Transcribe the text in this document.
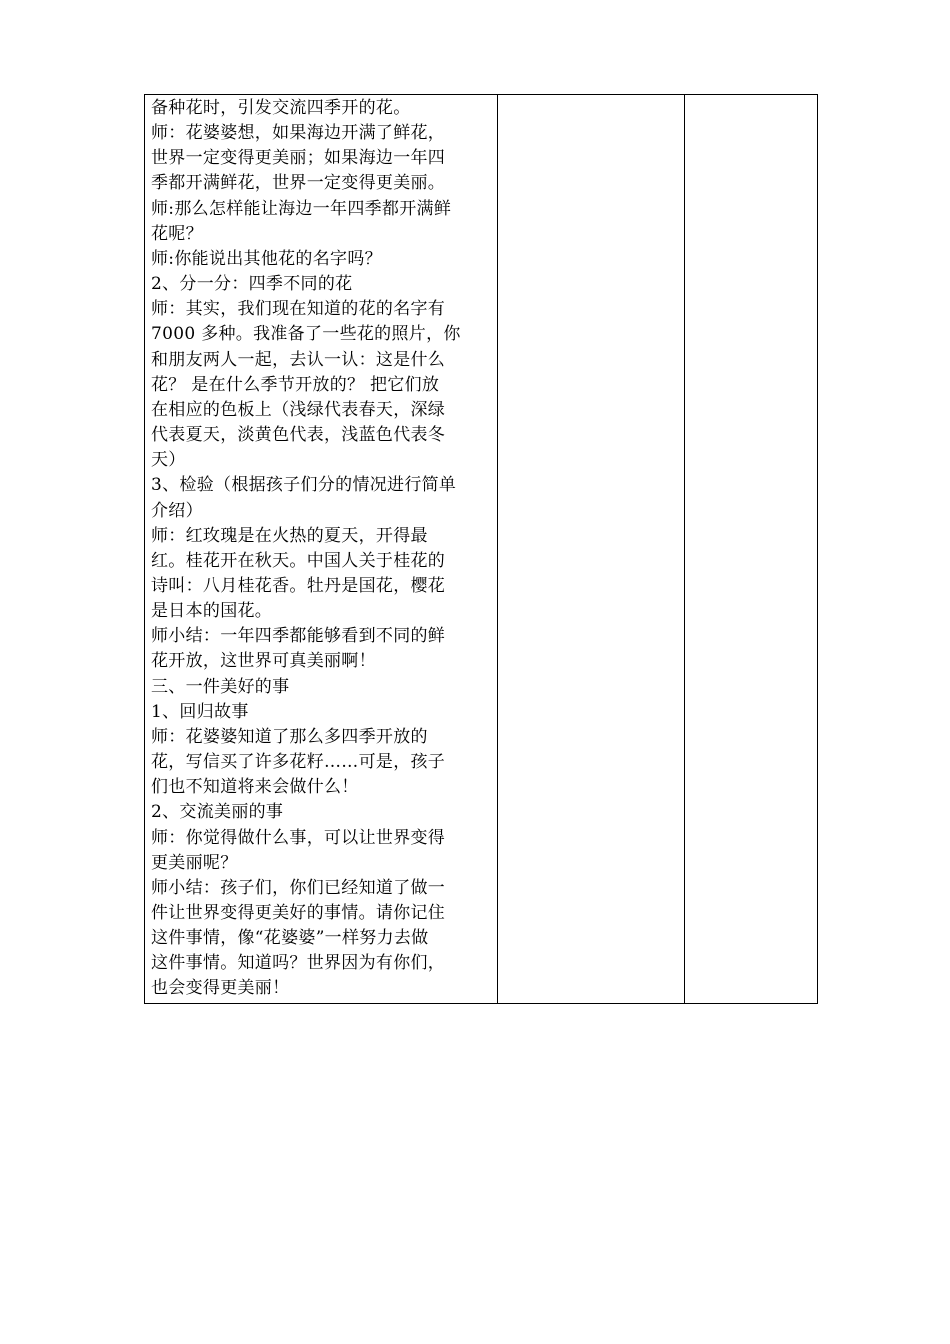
备种花时，引发交流四季开的花。
师：花婆婆想，如果海边开满了鲜花，
世界一定变得更美丽；如果海边一年四
季都开满鲜花，世界一定变得更美丽。
师:那么怎样能让海边一年四季都开满鲜
花呢？
师:你能说出其他花的名字吗？
2、分一分：四季不同的花
师：其实，我们现在知道的花的名字有
7000 多种。我准备了一些花的照片，你
和朋友两人一起，去认一认：这是什么
花？ 是在什么季节开放的？ 把它们放
在相应的色板上（浅绿代表春天，深绿
代表夏天，淡黄色代表，浅蓝色代表冬
天）
3、检验（根据孩子们分的情况进行简单
介绍）
师：红玫瑰是在火热的夏天，开得最
红。桂花开在秋天。中国人关于桂花的
诗叫：八月桂花香。牡丹是国花，樱花
是日本的国花。
师小结：一年四季都能够看到不同的鲜
花开放，这世界可真美丽啊！
三、一件美好的事
1、回归故事
师：花婆婆知道了那么多四季开放的
花，写信买了许多花籽……可是，孩子
们也不知道将来会做什么！
2、交流美丽的事
师：你觉得做什么事，可以让世界变得
更美丽呢？
师小结：孩子们，你们已经知道了做一
件让世界变得更美好的事情。请你记住
这件事情，像“花婆婆”一样努力去做
这件事情。知道吗？世界因为有你们，
也会变得更美丽！
